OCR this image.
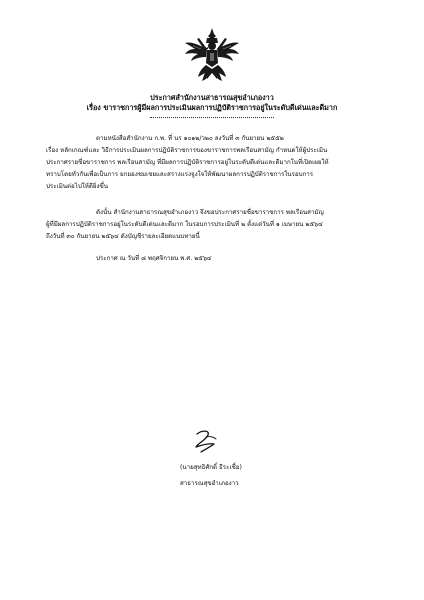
ประกาศสำนักงานสาธารณสุขอำเภองาว
เรื่อง ขาราชการผู้มีผลการประเมินผลการปฏิบัติราชการอยู่ในระดับดีเด่นและดีมาก
ตามหนังสือสำนักงาน ก.พ. ที่ นร ๑๐๑๒/ว๒๐ ลงวันที่ ๓ กันยายน ๒๕๕๒
เรื่อง หลักเกณฑ์และ วิธีการประเมินผลการปฏิบัติราชการของขาราชการพลเรือนสามัญ กำหนดให้ผู้ประเมิน
ประกาศรายชื่อขาราชการ พลเรือนสามัญ ที่มีผลการปฏิบัติราชการอยู่ในระดับดีเด่นและดีมากในที่เปิดเผยให้
ทราบโดยทั่วกันเพื่อเป็นการ ยกยองชมเชยและสรางแรงจูงใจให้พัฒนาผลการปฏิบัติราชการในรอบการ
ประเมินต่อไปให้ดียิ่งขึ้น
ดังนั้น สำนักงานสาธารณสุขอำเภองาว จึงขอประกาศรายชื่อขาราชการ พลเรือนสามัญ
ผู้ที่มีผลการปฏิบัติราชการอยู่ในระดับดีเด่นและดีมาก ในรอบการประเมินที่ ๒ ตั้งแต่วันที่ ๑ เมษายน ๒๕๖๔
ถึงวันที่ ๓๐ กันยายน ๒๕๖๔ ดังบัญชีรายละเอียดแนบทายนี้
ประกาศ ณ วันที่ ๘ พฤศจิกายน พ.ศ. ๒๕๖๔
(นายสุทธิศักดิ์ ธีระเชื้อ)
สาธารณสุขอำเภองาว
